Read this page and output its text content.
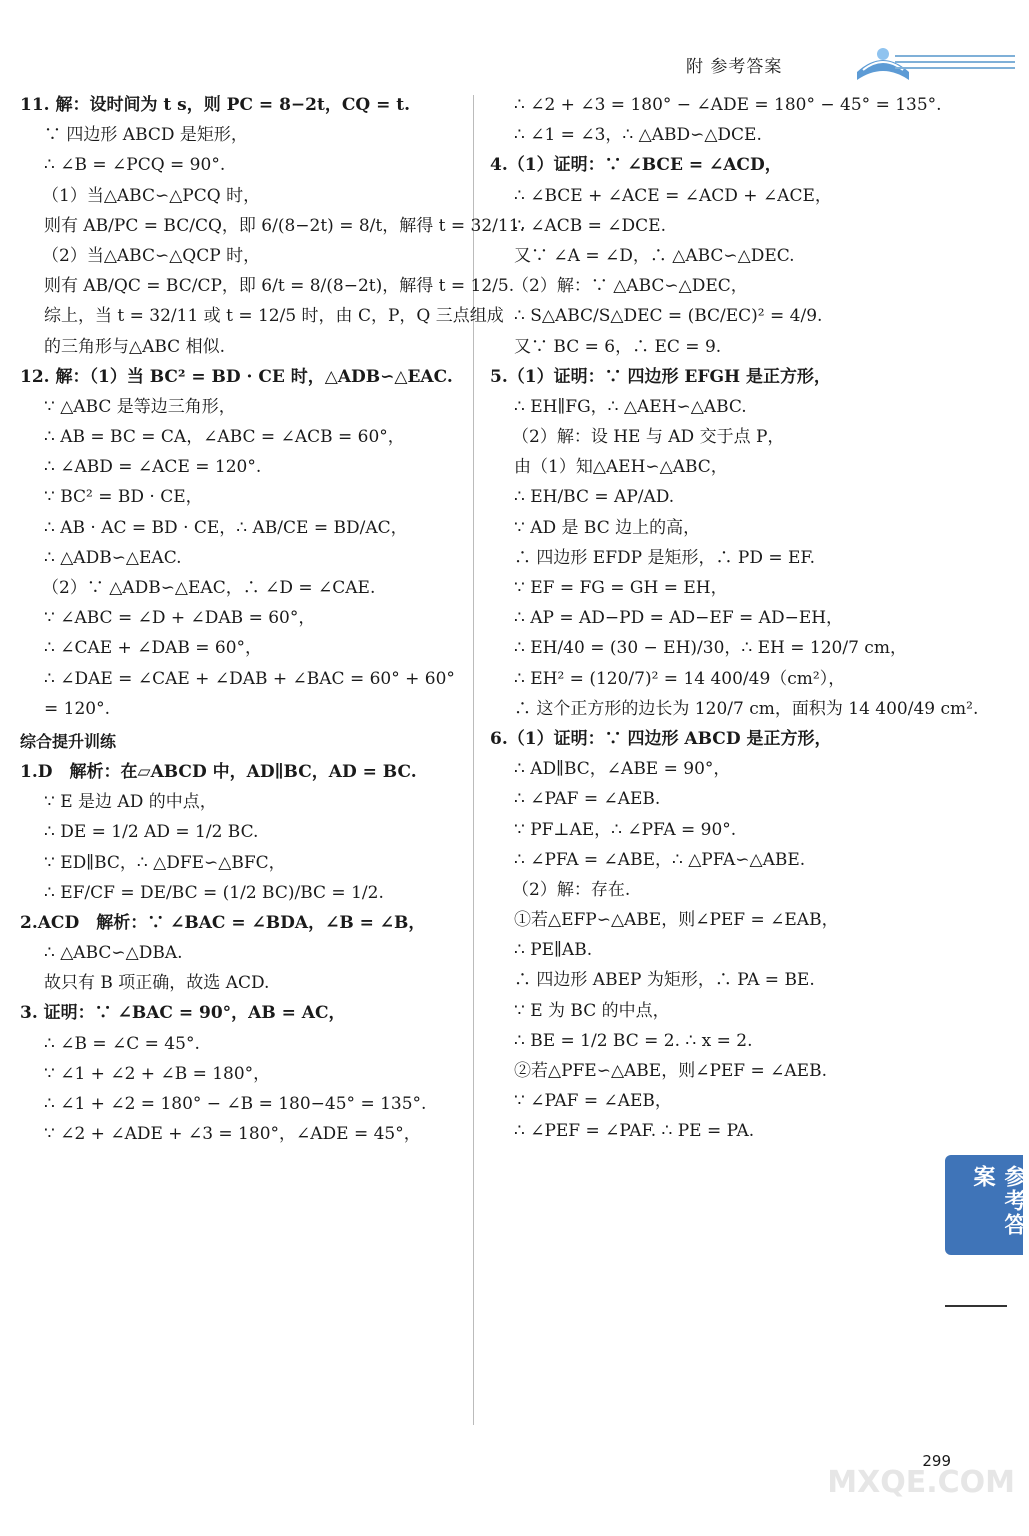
附 参考答案
11. 解：设时间为 t s，则 PC = 8−2t，CQ = t.
∵ 四边形 ABCD 是矩形，
∴ ∠B = ∠PCQ = 90°.
（1）当△ABC∽△PCQ 时，
则有 AB/PC = BC/CQ，即 6/(8−2t) = 8/t，解得 t = 32/11.
（2）当△ABC∽△QCP 时，
则有 AB/QC = BC/CP，即 6/t = 8/(8−2t)，解得 t = 12/5.
综上，当 t = 32/11 或 t = 12/5 时，由 C，P，Q 三点组成
的三角形与△ABC 相似.
12. 解：（1）当 BC² = BD · CE 时，△ADB∽△EAC.
∵ △ABC 是等边三角形，
∴ AB = BC = CA，∠ABC = ∠ACB = 60°，
∴ ∠ABD = ∠ACE = 120°.
∵ BC² = BD · CE，
∴ AB · AC = BD · CE，∴ AB/CE = BD/AC，
∴ △ADB∽△EAC.
（2）∵ △ADB∽△EAC，∴ ∠D = ∠CAE.
∵ ∠ABC = ∠D + ∠DAB = 60°，
∴ ∠CAE + ∠DAB = 60°，
∴ ∠DAE = ∠CAE + ∠DAB + ∠BAC = 60° + 60°
= 120°.
综合提升训练
1.D　解析：在▱ABCD 中，AD∥BC，AD = BC.
∵ E 是边 AD 的中点，
∴ DE = 1/2 AD = 1/2 BC.
∵ ED∥BC，∴ △DFE∽△BFC，
∴ EF/CF = DE/BC = (1/2 BC)/BC = 1/2.
2.ACD　解析：∵ ∠BAC = ∠BDA，∠B = ∠B，
∴ △ABC∽△DBA.
故只有 B 项正确，故选 ACD.
3. 证明：∵ ∠BAC = 90°，AB = AC，
∴ ∠B = ∠C = 45°.
∵ ∠1 + ∠2 + ∠B = 180°，
∴ ∠1 + ∠2 = 180° − ∠B = 180−45° = 135°.
∵ ∠2 + ∠ADE + ∠3 = 180°，∠ADE = 45°，
∴ ∠2 + ∠3 = 180° − ∠ADE = 180° − 45° = 135°.
∴ ∠1 = ∠3，∴ △ABD∽△DCE.
4.（1）证明：∵ ∠BCE = ∠ACD，
∴ ∠BCE + ∠ACE = ∠ACD + ∠ACE，
∴ ∠ACB = ∠DCE.
又∵ ∠A = ∠D，∴ △ABC∽△DEC.
（2）解：∵ △ABC∽△DEC，
∴ S△ABC/S△DEC = (BC/EC)² = 4/9.
又∵ BC = 6，∴ EC = 9.
5.（1）证明：∵ 四边形 EFGH 是正方形，
∴ EH∥FG，∴ △AEH∽△ABC.
（2）解：设 HE 与 AD 交于点 P，
由（1）知△AEH∽△ABC，
∴ EH/BC = AP/AD.
∵ AD 是 BC 边上的高，
∴ 四边形 EFDP 是矩形，∴ PD = EF.
∵ EF = FG = GH = EH，
∴ AP = AD−PD = AD−EF = AD−EH，
∴ EH/40 = (30 − EH)/30，∴ EH = 120/7 cm，
∴ EH² = (120/7)² = 14 400/49（cm²），
∴ 这个正方形的边长为 120/7 cm，面积为 14 400/49 cm².
6.（1）证明：∵ 四边形 ABCD 是正方形，
∴ AD∥BC，∠ABE = 90°，
∴ ∠PAF = ∠AEB.
∵ PF⊥AE，∴ ∠PFA = 90°.
∴ ∠PFA = ∠ABE，∴ △PFA∽△ABE.
（2）解：存在.
①若△EFP∽△ABE，则∠PEF = ∠EAB，
∴ PE∥AB.
∴ 四边形 ABEP 为矩形，∴ PA = BE.
∵ E 为 BC 的中点，
∴ BE = 1/2 BC = 2. ∴ x = 2.
②若△PFE∽△ABE，则∠PEF = ∠AEB.
∵ ∠PAF = ∠AEB，
∴ ∠PEF = ∠PAF. ∴ PE = PA.
参考答案
299
MXQE.COM
